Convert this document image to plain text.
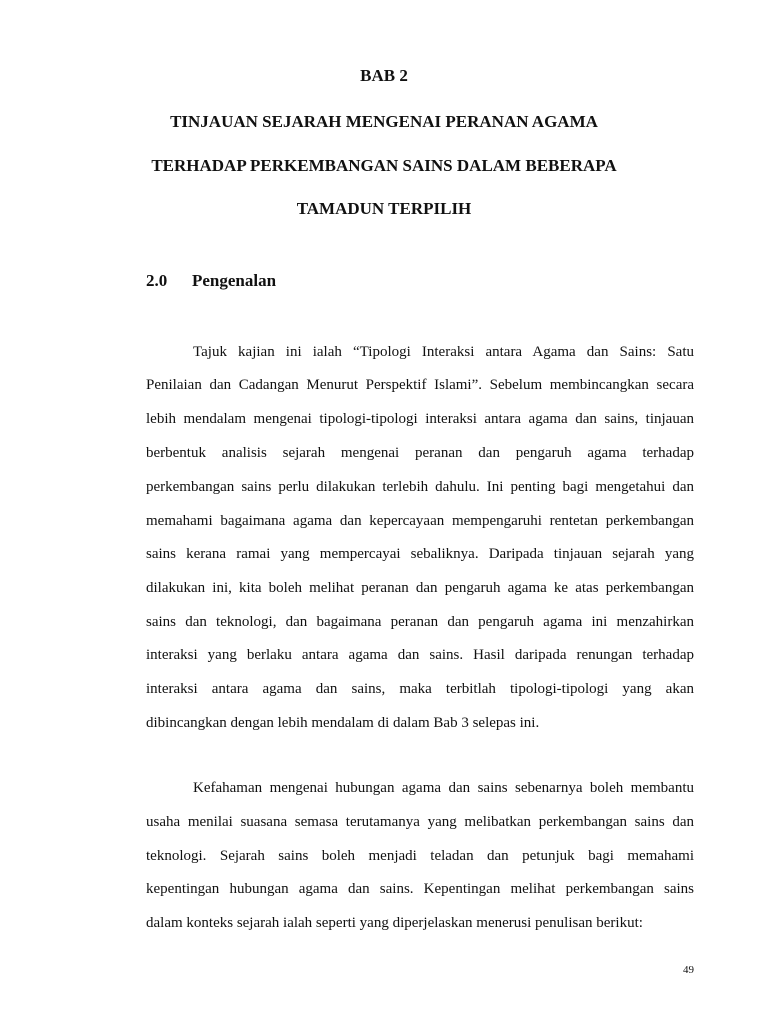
BAB 2
TINJAUAN SEJARAH MENGENAI PERANAN AGAMA
TERHADAP PERKEMBANGAN SAINS DALAM BEBERAPA
TAMADUN TERPILIH
2.0 Pengenalan
Tajuk kajian ini ialah “Tipologi Interaksi antara Agama dan Sains: Satu
Penilaian dan Cadangan Menurut Perspektif Islami”. Sebelum membincangkan secara
lebih mendalam mengenai tipologi-tipologi interaksi antara agama dan sains, tinjauan
berbentuk analisis sejarah mengenai peranan dan pengaruh agama terhadap
perkembangan sains perlu dilakukan terlebih dahulu. Ini penting bagi mengetahui dan
memahami bagaimana agama dan kepercayaan mempengaruhi rentetan perkembangan
sains kerana ramai yang mempercayai sebaliknya. Daripada tinjauan sejarah yang
dilakukan ini, kita boleh melihat peranan dan pengaruh agama ke atas perkembangan
sains dan teknologi, dan bagaimana peranan dan pengaruh agama ini menzahirkan
interaksi yang berlaku antara agama dan sains. Hasil daripada renungan terhadap
interaksi antara agama dan sains, maka terbitlah tipologi-tipologi yang akan
dibincangkan dengan lebih mendalam di dalam Bab 3 selepas ini.
Kefahaman mengenai hubungan agama dan sains sebenarnya boleh membantu
usaha menilai suasana semasa terutamanya yang melibatkan perkembangan sains dan
teknologi. Sejarah sains boleh menjadi teladan dan petunjuk bagi memahami
kepentingan hubungan agama dan sains. Kepentingan melihat perkembangan sains
dalam konteks sejarah ialah seperti yang diperjelaskan menerusi penulisan berikut:
49
